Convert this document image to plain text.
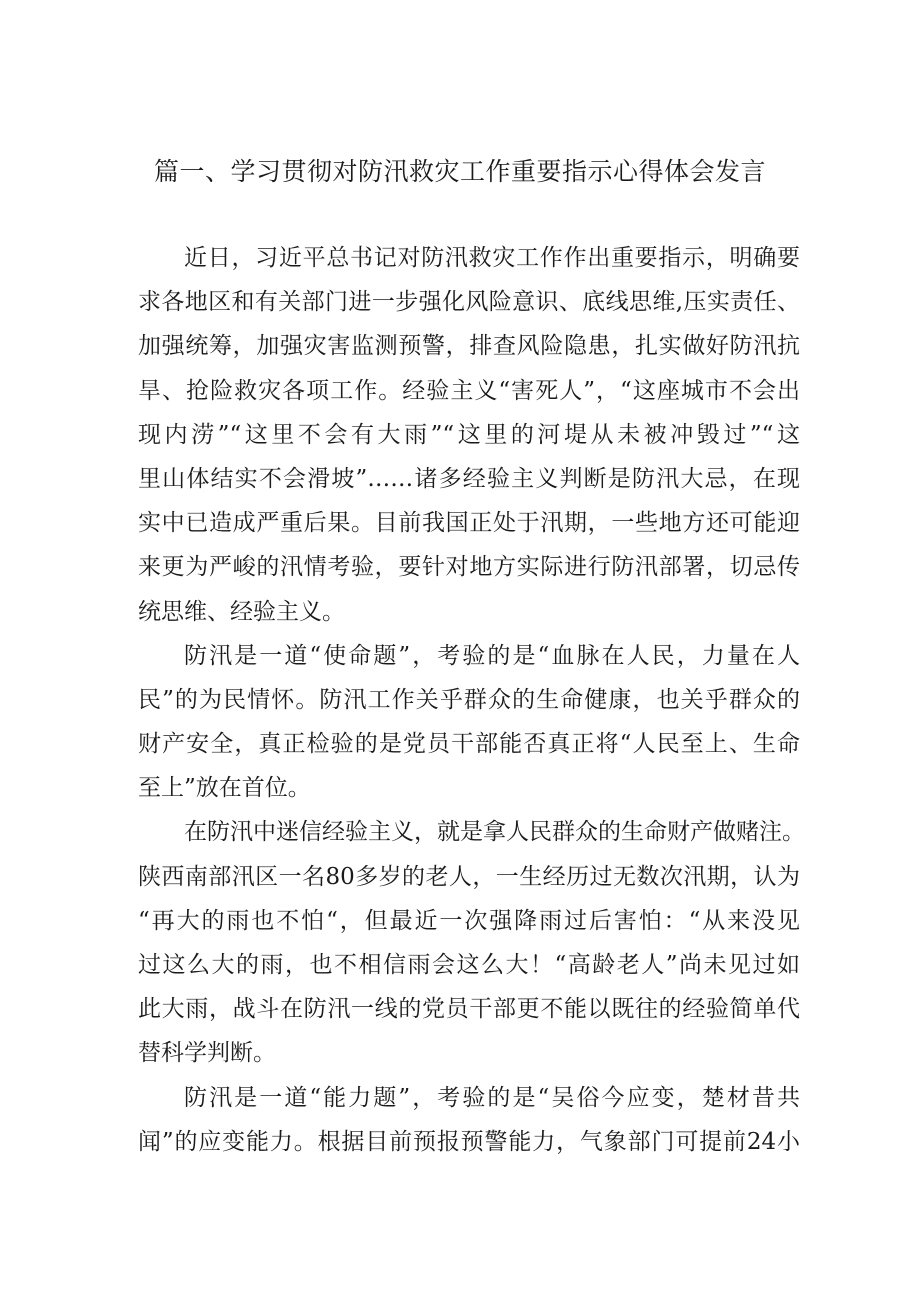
篇一、学习贯彻对防汛救灾工作重要指示心得体会发言
近日，习近平总书记对防汛救灾工作作出重要指示，明确要
求各地区和有关部门进一步强化风险意识、底线思维,压实责任、
加强统筹，加强灾害监测预警，排查风险隐患，扎实做好防汛抗
旱、抢险救灾各项工作。经验主义“害死人”，“这座城市不会出
现内涝”“这里不会有大雨”“这里的河堤从未被冲毁过”“这
里山体结实不会滑坡”……诸多经验主义判断是防汛大忌，在现
实中已造成严重后果。目前我国正处于汛期，一些地方还可能迎
来更为严峻的汛情考验，要针对地方实际进行防汛部署，切忌传
统思维、经验主义。
防汛是一道“使命题”，考验的是“血脉在人民，力量在人
民”的为民情怀。防汛工作关乎群众的生命健康，也关乎群众的
财产安全，真正检验的是党员干部能否真正将“人民至上、生命
至上”放在首位。
在防汛中迷信经验主义，就是拿人民群众的生命财产做赌注。
陕西南部汛区一名80多岁的老人，一生经历过无数次汛期，认为
“再大的雨也不怕“，但最近一次强降雨过后害怕：“从来没见
过这么大的雨，也不相信雨会这么大！“高龄老人”尚未见过如
此大雨，战斗在防汛一线的党员干部更不能以既往的经验简单代
替科学判断。
防汛是一道“能力题”，考验的是“吴俗今应变，楚材昔共
闻”的应变能力。根据目前预报预警能力，气象部门可提前24小
